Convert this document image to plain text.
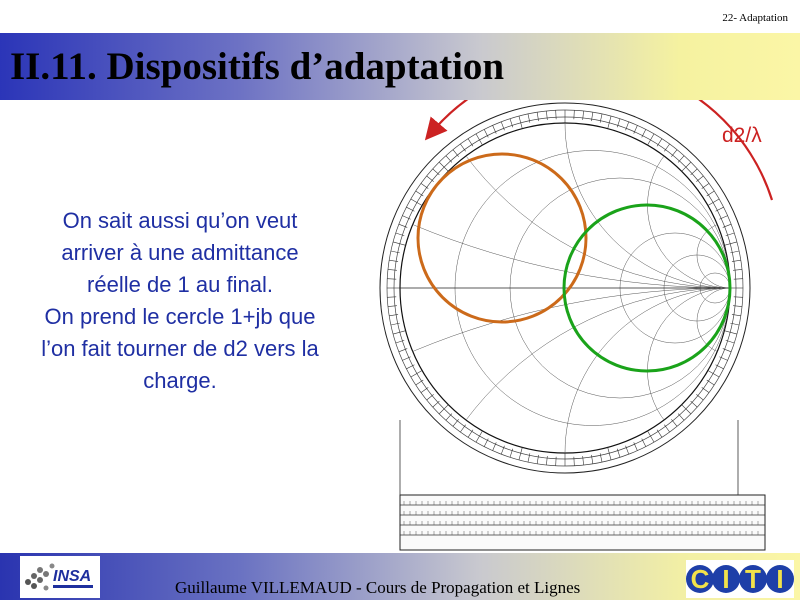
22- Adaptation
II.11. Dispositifs d’adaptation
On sait aussi qu’on veut
arriver à une admittance
réelle de 1 au final.
On prend le cercle 1+jb que
l’on fait tourner de d2 vers la
charge.
d2/λ
INSA
Guillaume VILLEMAUD - Cours de Propagation et Lignes	C I T I
